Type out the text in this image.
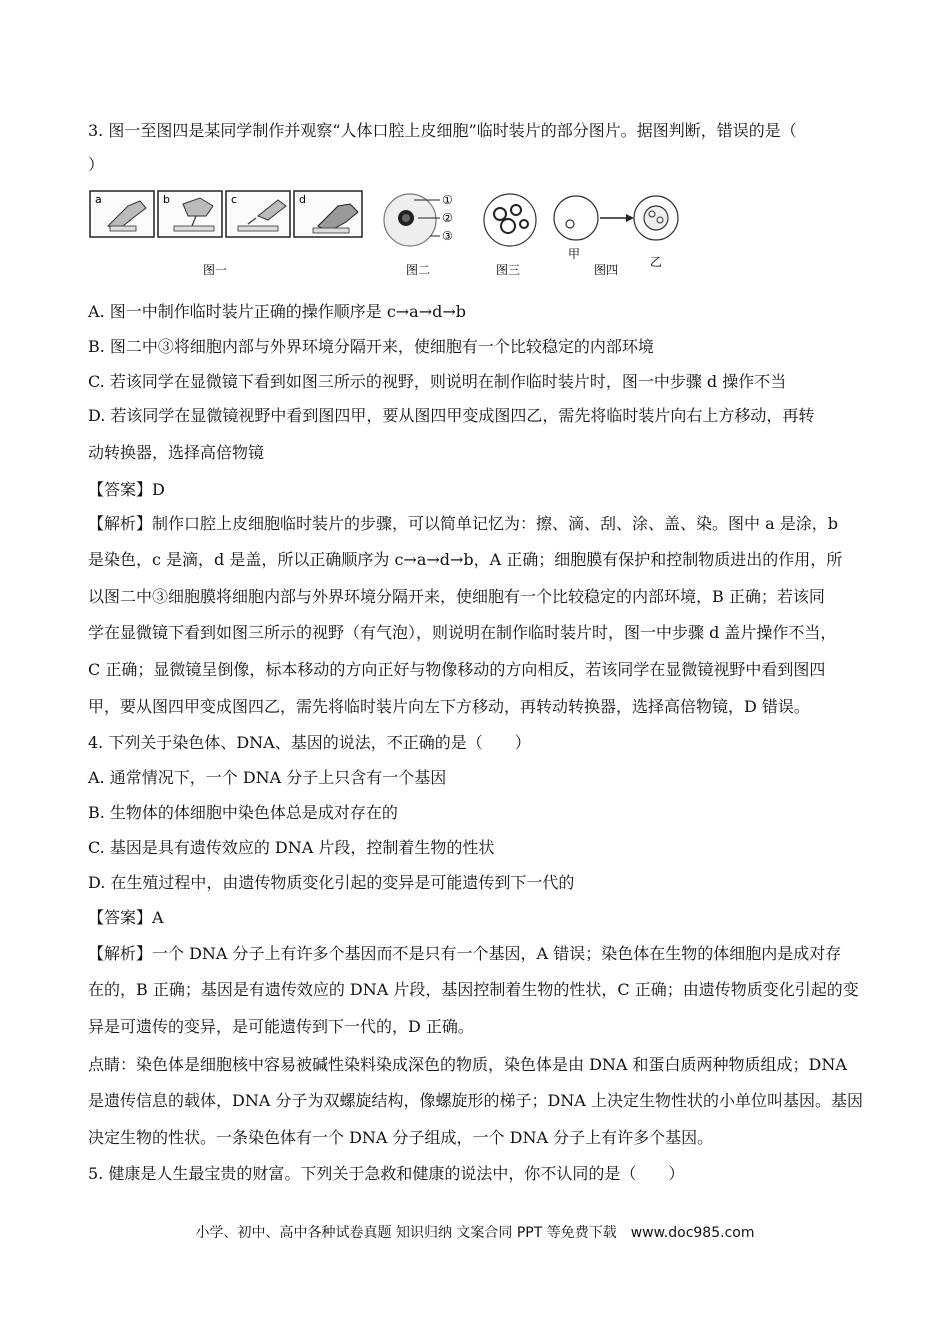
3. 图一至图四是某同学制作并观察“人体口腔上皮细胞”临时装片的部分图片。据图判断，错误的是（
）
a	b	c	d
图一
①
②
③
图二	图三
甲
乙
图四
A. 图一中制作临时装片正确的操作顺序是 c→a→d→b
B. 图二中③将细胞内部与外界环境分隔开来，使细胞有一个比较稳定的内部环境
C. 若该同学在显微镜下看到如图三所示的视野，则说明在制作临时装片时，图一中步骤 d 操作不当
D. 若该同学在显微镜视野中看到图四甲，要从图四甲变成图四乙，需先将临时装片向右上方移动，再转
动转换器，选择高倍物镜
【答案】D
【解析】制作口腔上皮细胞临时装片的步骤，可以简单记忆为：擦、滴、刮、涂、盖、染。图中 a 是涂，b
是染色，c 是滴，d 是盖，所以正确顺序为 c→a→d→b，A 正确；细胞膜有保护和控制物质进出的作用，所
以图二中③细胞膜将细胞内部与外界环境分隔开来，使细胞有一个比较稳定的内部环境，B 正确；若该同
学在显微镜下看到如图三所示的视野（有气泡），则说明在制作临时装片时，图一中步骤 d 盖片操作不当，
C 正确；显微镜呈倒像，标本移动的方向正好与物像移动的方向相反，若该同学在显微镜视野中看到图四
甲，要从图四甲变成图四乙，需先将临时装片向左下方移动，再转动转换器，选择高倍物镜，D 错误。
4. 下列关于染色体、DNA、基因的说法，不正确的是（　　）
A. 通常情况下，一个 DNA 分子上只含有一个基因
B. 生物体的体细胞中染色体总是成对存在的
C. 基因是具有遗传效应的 DNA 片段，控制着生物的性状
D. 在生殖过程中，由遗传物质变化引起的变异是可能遗传到下一代的
【答案】A
【解析】一个 DNA 分子上有许多个基因而不是只有一个基因，A 错误；染色体在生物的体细胞内是成对存
在的，B 正确；基因是有遗传效应的 DNA 片段，基因控制着生物的性状，C 正确；由遗传物质变化引起的变
异是可遗传的变异，是可能遗传到下一代的，D 正确。
点睛：染色体是细胞核中容易被碱性染料染成深色的物质，染色体是由 DNA 和蛋白质两种物质组成；DNA
是遗传信息的载体，DNA 分子为双螺旋结构，像螺旋形的梯子；DNA 上决定生物性状的小单位叫基因。基因
决定生物的性状。一条染色体有一个 DNA 分子组成，一个 DNA 分子上有许多个基因。
5. 健康是人生最宝贵的财富。下列关于急救和健康的说法中，你不认同的是（　　）
小学、初中、高中各种试卷真题 知识归纳 文案合同 PPT 等免费下载　www.doc985.com
